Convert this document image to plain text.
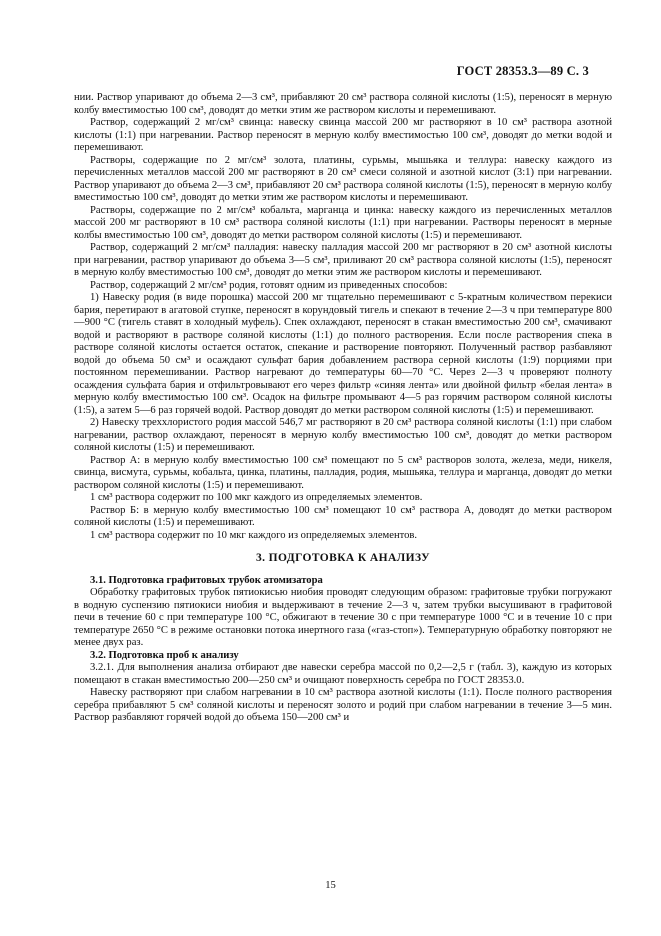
ГОСТ 28353.3—89 С. 3

нии. Раствор упаривают до объема 2—3 см³, прибавляют 20 см³ раствора соляной кислоты (1:5), переносят в мерную колбу вместимостью 100 см³, доводят до метки этим же раствором кислоты и перемешивают.

Раствор, содержащий 2 мг/см³ свинца: навеску свинца массой 200 мг растворяют в 10 см³ раствора азотной кислоты (1:1) при нагревании. Раствор переносят в мерную колбу вместимостью 100 см³, доводят до метки водой и перемешивают.

Растворы, содержащие по 2 мг/см³ золота, платины, сурьмы, мышьяка и теллура: навеску каждого из перечисленных металлов массой 200 мг растворяют в 20 см³ смеси соляной и азотной кислот (3:1) при нагревании. Раствор упаривают до объема 2—3 см³, прибавляют 20 см³ раствора соляной кислоты (1:5), переносят в мерную колбу вместимостью 100 см³, доводят до метки этим же раствором кислоты и перемешивают.

Растворы, содержащие по 2 мг/см³ кобальта, марганца и цинка: навеску каждого из перечисленных металлов массой 200 мг растворяют в 10 см³ раствора соляной кислоты (1:1) при нагревании. Растворы переносят в мерные колбы вместимостью 100 см³, доводят до метки раствором соляной кислоты (1:5) и перемешивают.

Раствор, содержащий 2 мг/см³ палладия: навеску палладия массой 200 мг растворяют в 20 см³ азотной кислоты при нагревании, раствор упаривают до объема 3—5 см³, приливают 20 см³ раствора соляной кислоты (1:5), переносят в мерную колбу вместимостью 100 см³, доводят до метки этим же раствором кислоты и перемешивают.

Раствор, содержащий 2 мг/см³ родия, готовят одним из приведенных способов:

1) Навеску родия (в виде порошка) массой 200 мг тщательно перемешивают с 5-кратным количеством перекиси бария, перетирают в агатовой ступке, переносят в корундовый тигель и спекают в течение 2—3 ч при температуре 800—900 °С (тигель ставят в холодный муфель). Спек охлаждают, переносят в стакан вместимостью 200 см³, смачивают водой и растворяют в растворе соляной кислоты (1:1) до полного растворения. Если после растворения спека в растворе соляной кислоты остается остаток, спекание и растворение повторяют. Полученный раствор разбавляют водой до объема 50 см³ и осаждают сульфат бария добавлением раствора серной кислоты (1:9) порциями при постоянном перемешивании. Раствор нагревают до температуры 60—70 °С. Через 2—3 ч проверяют полноту осаждения сульфата бария и отфильтровывают его через фильтр «синяя лента» или двойной фильтр «белая лента» в мерную колбу вместимостью 100 см³. Осадок на фильтре промывают 4—5 раз горячим раствором соляной кислоты (1:5), а затем 5—6 раз горячей водой. Раствор доводят до метки раствором соляной кислоты (1:5) и перемешивают.

2) Навеску треххлористого родия массой 546,7 мг растворяют в 20 см³ раствора соляной кислоты (1:1) при слабом нагревании, раствор охлаждают, переносят в мерную колбу вместимостью 100 см³, доводят до метки раствором соляной кислоты (1:5) и перемешивают.

Раствор А: в мерную колбу вместимостью 100 см³ помещают по 5 см³ растворов золота, железа, меди, никеля, свинца, висмута, сурьмы, кобальта, цинка, платины, палладия, родия, мышьяка, теллура и марганца, доводят до метки раствором соляной кислоты (1:5) и перемешивают.

1 см³ раствора содержит по 100 мкг каждого из определяемых элементов.

Раствор Б: в мерную колбу вместимостью 100 см³ помещают 10 см³ раствора А, доводят до метки раствором соляной кислоты (1:5) и перемешивают.

1 см³ раствора содержит по 10 мкг каждого из определяемых элементов.

3. ПОДГОТОВКА К АНАЛИЗУ
3.1. Подготовка графитовых трубок атомизатора

Обработку графитовых трубок пятиокисью ниобия проводят следующим образом: графитовые трубки погружают в водную суспензию пятиокиси ниобия и выдерживают в течение 2—3 ч, затем трубки высушивают в графитовой печи в течение 60 с при температуре 100 °С, обжигают в течение 30 с при температуре 1000 °С и в течение 10 с при температуре 2650 °С в режиме остановки потока инертного газа («газ-стоп»). Температурную обработку повторяют не менее двух раз.

3.2. Подготовка проб к анализу

3.2.1. Для выполнения анализа отбирают две навески серебра массой по 0,2—2,5 г (табл. 3), каждую из которых помещают в стакан вместимостью 200—250 см³ и очищают поверхность серебра по ГОСТ 28353.0.

Навеску растворяют при слабом нагревании в 10 см³ раствора азотной кислоты (1:1). После полного растворения серебра прибавляют 5 см³ соляной кислоты и переносят золото и родий при слабом нагревании в течение 3—5 мин. Раствор разбавляют горячей водой до объема 150—200 см³ и

15
